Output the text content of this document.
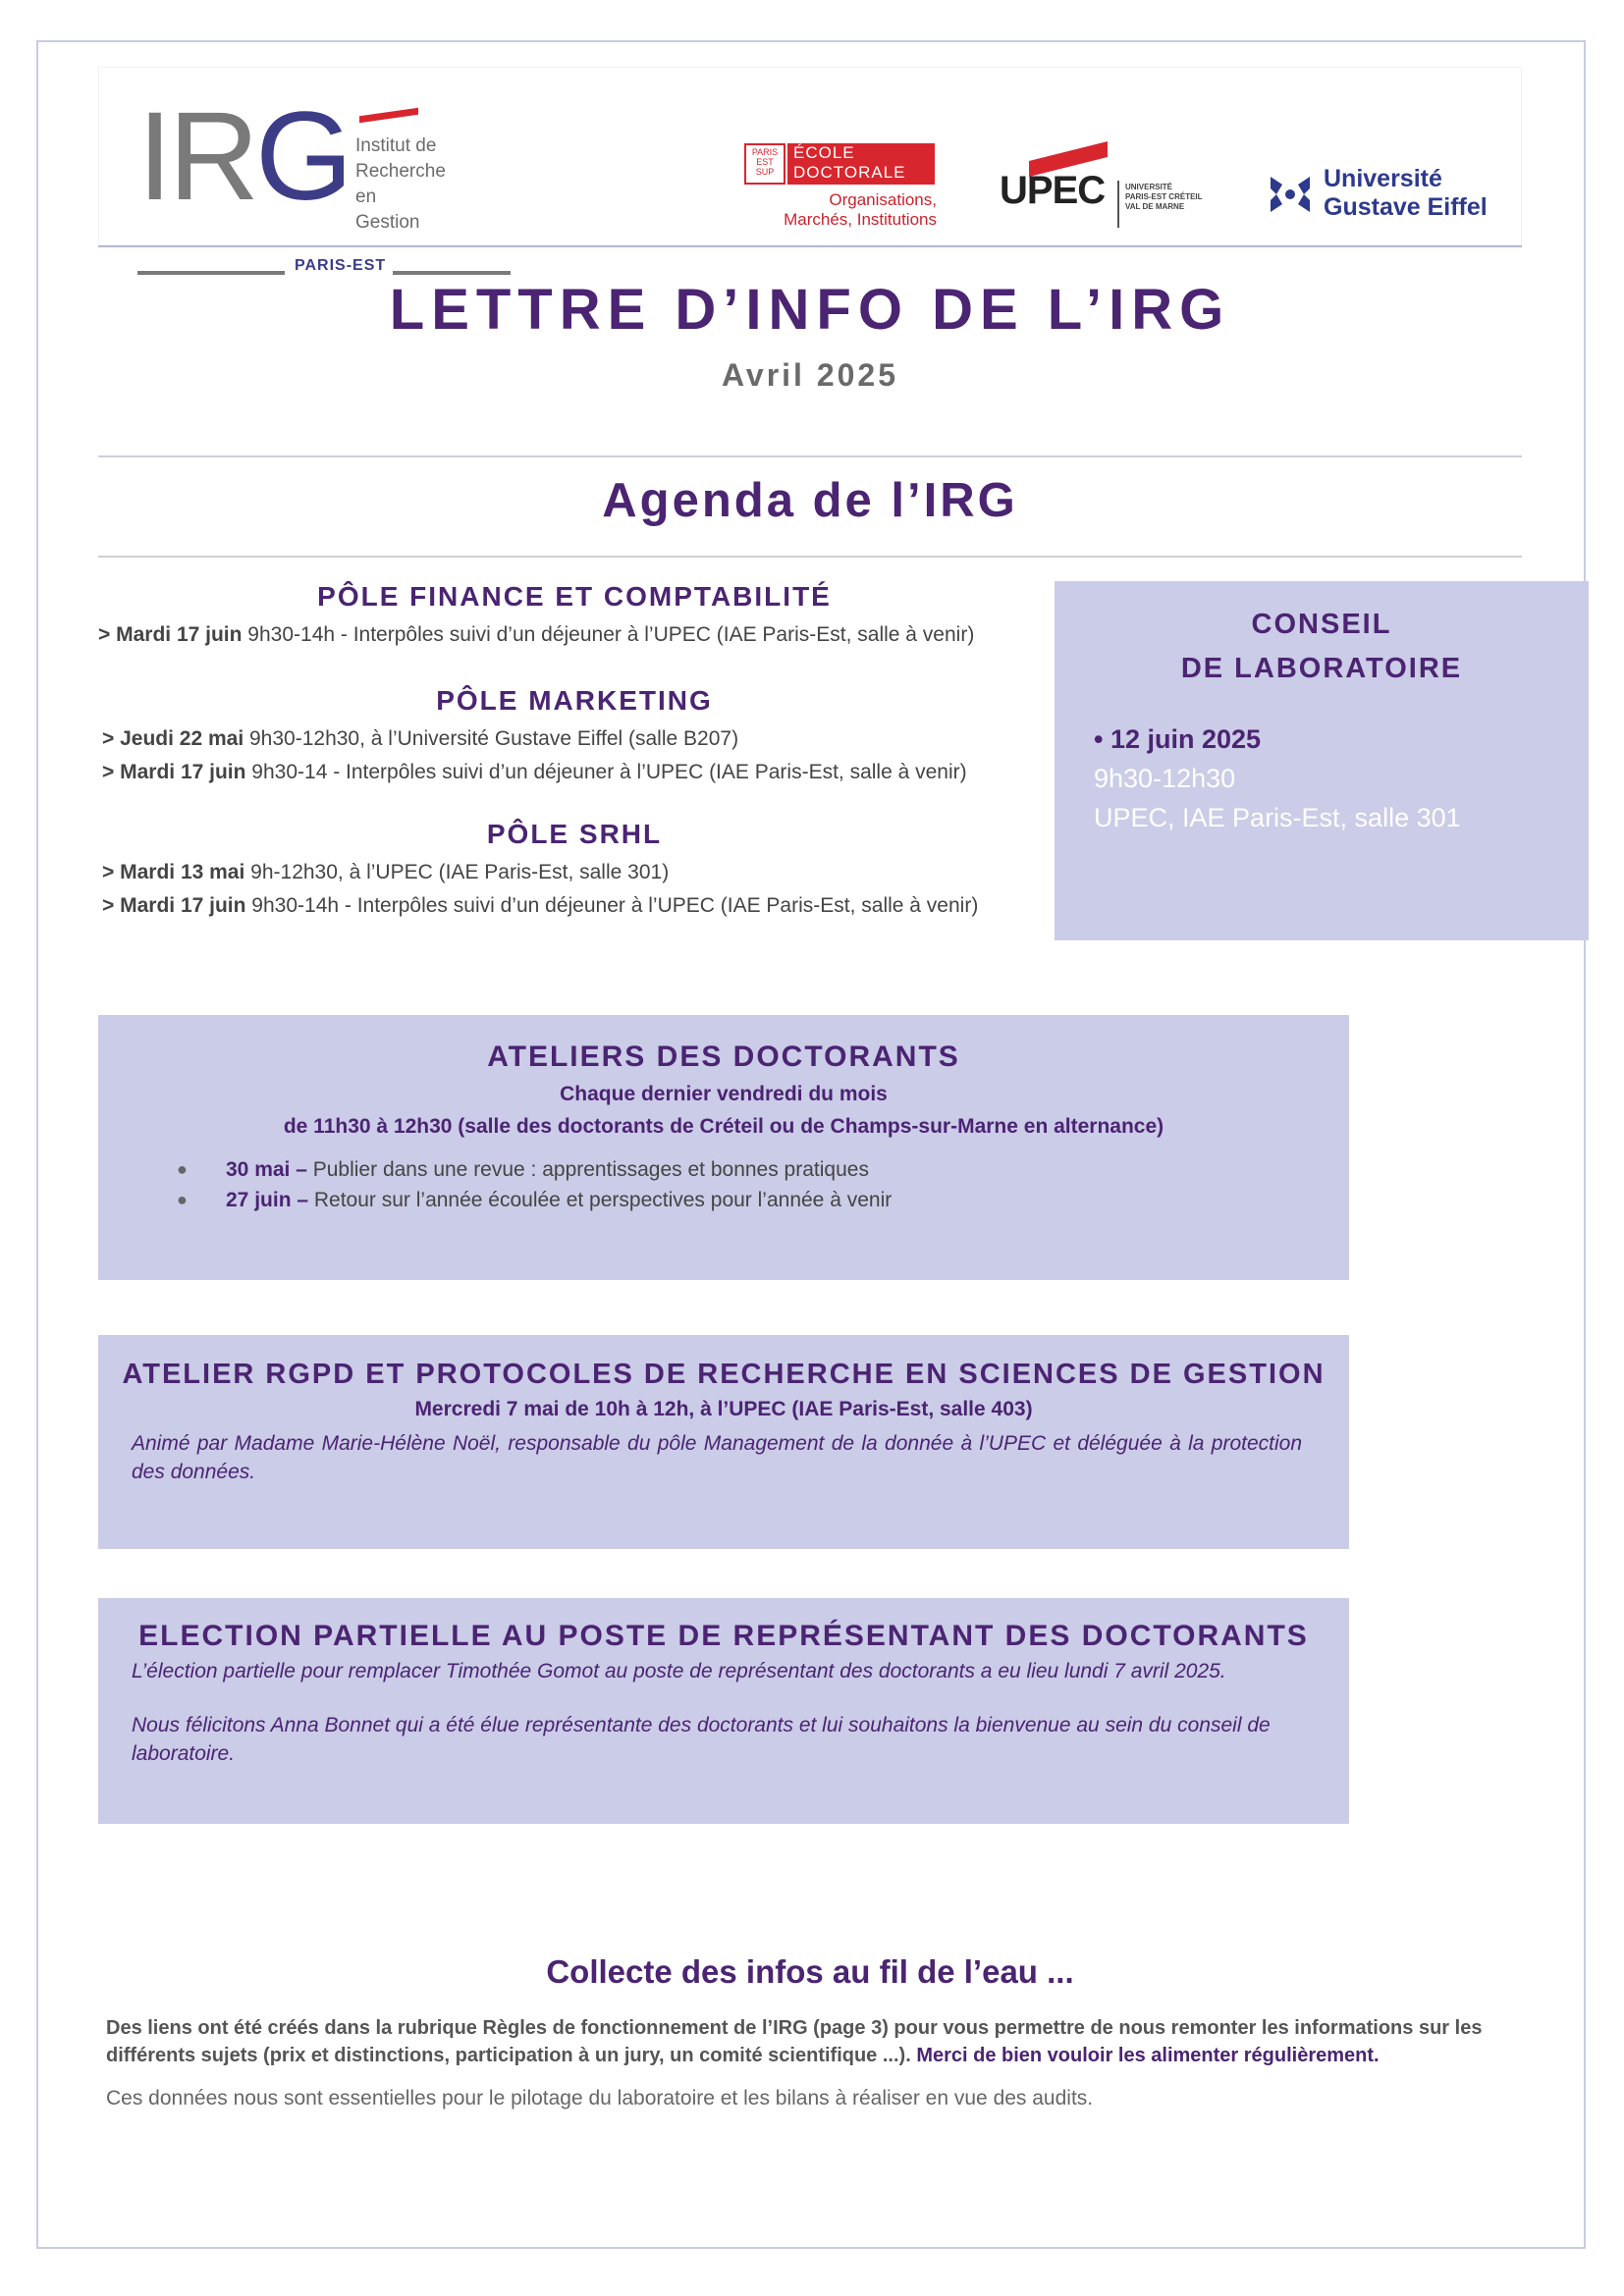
IRG Institut de
Recherche en
Gestion
PARIS-EST
PARIS EST SUP
ÉCOLE
DOCTORALE
Organisations,
Marchés, Institutions
UPEC	UNIVERSITÉ
PARIS-EST CRÉTEIL
VAL DE MARNE
Université
Gustave Eiffel
LETTRE D’INFO DE L’IRG
Avril 2025
Agenda de l’IRG
PÔLE FINANCE ET COMPTABILITÉ
> Mardi 17 juin 9h30-14h - Interpôles suivi d’un déjeuner à l’UPEC (IAE Paris-Est, salle à venir)
PÔLE MARKETING
> Jeudi 22 mai 9h30-12h30, à l’Université Gustave Eiffel (salle B207)
> Mardi 17 juin 9h30-14 - Interpôles suivi d’un déjeuner à l’UPEC (IAE Paris-Est, salle à venir)
PÔLE SRHL
> Mardi 13 mai 9h-12h30, à l’UPEC (IAE Paris-Est, salle 301)
> Mardi 17 juin 9h30-14h - Interpôles suivi d’un déjeuner à l’UPEC (IAE Paris-Est, salle à venir)
CONSEIL
DE LABORATOIRE
• 12 juin 2025
9h30-12h30
UPEC, IAE Paris-Est, salle 301
ATELIERS DES DOCTORANTS
Chaque dernier vendredi du mois
de 11h30 à 12h30 (salle des doctorants de Créteil ou de Champs-sur-Marne en alternance)
● 30 mai – Publier dans une revue : apprentissages et bonnes pratiques
● 27 juin – Retour sur l’année écoulée et perspectives pour l’année à venir
ATELIER RGPD ET PROTOCOLES DE RECHERCHE EN SCIENCES DE GESTION
Mercredi 7 mai de 10h à 12h, à l’UPEC (IAE Paris-Est, salle 403)
Animé par Madame Marie-Hélène Noël, responsable du pôle Management de la donnée à l’UPEC et déléguée à la protection des données.
ELECTION PARTIELLE AU POSTE DE REPRÉSENTANT DES DOCTORANTS
L’élection partielle pour remplacer Timothée Gomot au poste de représentant des doctorants a eu lieu lundi 7 avril 2025.
Nous félicitons Anna Bonnet qui a été élue représentante des doctorants et lui souhaitons la bienvenue au sein du conseil de laboratoire.
Collecte des infos au fil de l’eau ...
Des liens ont été créés dans la rubrique Règles de fonctionnement de l’IRG (page 3) pour vous permettre de nous remonter les informations sur les différents sujets (prix et distinctions, participation à un jury, un comité scientifique ...). Merci de bien vouloir les alimenter régulièrement.
Ces données nous sont essentielles pour le pilotage du laboratoire et les bilans à réaliser en vue des audits.
